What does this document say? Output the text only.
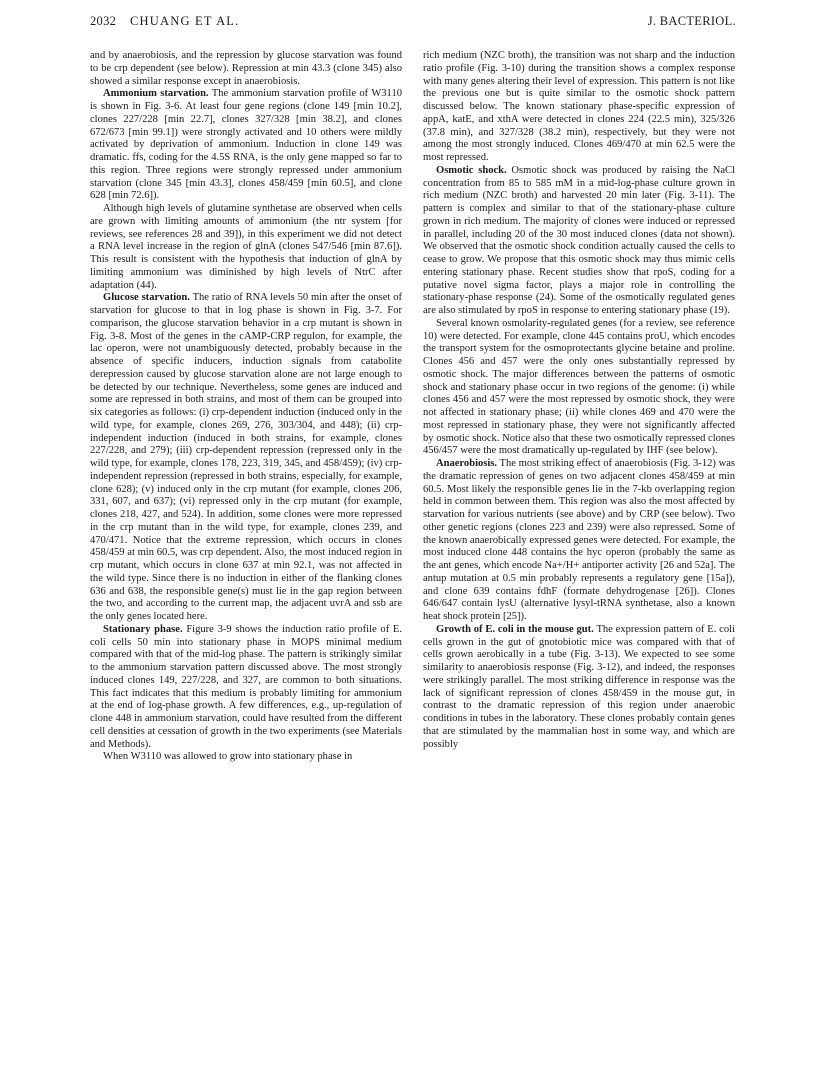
2032 CHUANG ET AL.	J. BACTERIOL.

and by anaerobiosis, and the repression by glucose starvation was found to be crp dependent (see below). Repression at min 43.3 (clone 345) also showed a similar response except in anaerobiosis.

Ammonium starvation. The ammonium starvation profile of W3110 is shown in Fig. 3-6. At least four gene regions (clone 149 [min 10.2], clones 227/228 [min 22.7], clones 327/328 [min 38.2], and clones 672/673 [min 99.1]) were strongly activated and 10 others were mildly activated by deprivation of ammonium. Induction in clone 149 was dramatic. ffs, coding for the 4.5S RNA, is the only gene mapped so far to this region. Three regions were strongly repressed under ammonium starvation (clone 345 [min 43.3], clones 458/459 [min 60.5], and clone 628 [min 72.6]).

Although high levels of glutamine synthetase are observed when cells are grown with limiting amounts of ammonium (the ntr system [for reviews, see references 28 and 39]), in this experiment we did not detect a RNA level increase in the region of glnA (clones 547/546 [min 87.6]). This result is consistent with the hypothesis that induction of glnA by limiting ammonium was diminished by high levels of NtrC after adaptation (44).

Glucose starvation. The ratio of RNA levels 50 min after the onset of starvation for glucose to that in log phase is shown in Fig. 3-7. For comparison, the glucose starvation behavior in a crp mutant is shown in Fig. 3-8. Most of the genes in the cAMP-CRP regulon, for example, the lac operon, were not unambiguously detected, probably because in the absence of specific inducers, induction signals from catabolite derepression caused by glucose starvation alone are not large enough to be detected by our technique. Nevertheless, some genes are induced and some are repressed in both strains, and most of them can be grouped into six categories as follows: (i) crp-dependent induction (induced only in the wild type, for example, clones 269, 276, 303/304, and 448); (ii) crp-independent induction (induced in both strains, for example, clones 227/228, and 279); (iii) crp-dependent repression (repressed only in the wild type, for example, clones 178, 223, 319, 345, and 458/459); (iv) crp-independent repression (repressed in both strains, especially, for example, clone 628); (v) induced only in the crp mutant (for example, clones 206, 331, 607, and 637); (vi) repressed only in the crp mutant (for example, clones 218, 427, and 524). In addition, some clones were more repressed in the crp mutant than in the wild type, for example, clones 239, and 470/471. Notice that the extreme repression, which occurs in clones 458/459 at min 60.5, was crp dependent. Also, the most induced region in crp mutant, which occurs in clone 637 at min 92.1, was not affected in the wild type. Since there is no induction in either of the flanking clones 636 and 638, the responsible gene(s) must lie in the gap region between the two, and according to the current map, the adjacent uvrA and ssb are the only genes located here.

Stationary phase. Figure 3-9 shows the induction ratio profile of E. coli cells 50 min into stationary phase in MOPS minimal medium compared with that of the mid-log phase. The pattern is strikingly similar to the ammonium starvation pattern discussed above. The most strongly induced clones 149, 227/228, and 327, are common to both situations. This fact indicates that this medium is probably limiting for ammonium at the end of log-phase growth. A few differences, e.g., up-regulation of clone 448 in ammonium starvation, could have resulted from the different cell densities at cessation of growth in the two experiments (see Materials and Methods).

When W3110 was allowed to grow into stationary phase in

rich medium (NZC broth), the transition was not sharp and the induction ratio profile (Fig. 3-10) during the transition shows a complex response with many genes altering their level of expression. This pattern is not like the previous one but is quite similar to the osmotic shock pattern discussed below. The known stationary phase-specific expression of appA, katE, and xthA were detected in clones 224 (22.5 min), 325/326 (37.8 min), and 327/328 (38.2 min), respectively, but they were not among the most strongly induced. Clones 469/470 at min 62.5 were the most repressed.

Osmotic shock. Osmotic shock was produced by raising the NaCl concentration from 85 to 585 mM in a mid-log-phase culture grown in rich medium (NZC broth) and harvested 20 min later (Fig. 3-11). The pattern is complex and similar to that of the stationary-phase culture grown in rich medium. The majority of clones were induced or repressed in parallel, including 20 of the 30 most induced clones (data not shown). We observed that the osmotic shock condition actually caused the cells to cease to grow. We propose that this osmotic shock may thus mimic cells entering stationary phase. Recent studies show that rpoS, coding for a putative novel sigma factor, plays a major role in controlling the stationary-phase response (24). Some of the osmotically regulated genes are also stimulated by rpoS in response to entering stationary phase (19).

Several known osmolarity-regulated genes (for a review, see reference 10) were detected. For example, clone 445 contains proU, which encodes the transport system for the osmoprotectants glycine betaine and proline. Clones 456 and 457 were the only ones substantially repressed by osmotic shock. The major differences between the patterns of osmotic shock and stationary phase occur in two regions of the genome: (i) while clones 456 and 457 were the most repressed by osmotic shock, they were not affected in stationary phase; (ii) while clones 469 and 470 were the most repressed in stationary phase, they were not significantly affected by osmotic shock. Notice also that these two osmotically repressed clones 456/457 were the most dramatically up-regulated by IHF (see below).

Anaerobiosis. The most striking effect of anaerobiosis (Fig. 3-12) was the dramatic repression of genes on two adjacent clones 458/459 at min 60.5. Most likely the responsible genes lie in the 7-kb overlapping region held in common between them. This region was also the most affected by starvation for various nutrients (see above) and by CRP (see below). Two other genetic regions (clones 223 and 239) were also repressed. Some of the known anaerobically expressed genes were detected. For example, the most induced clone 448 contains the hyc operon (probably the same as the ant genes, which encode Na+/H+ antiporter activity [26 and 52a]. The antup mutation at 0.5 min probably represents a regulatory gene [15a]), and clone 639 contains fdhF (formate dehydrogenase [26]). Clones 646/647 contain lysU (alternative lysyl-tRNA synthetase, also a known heat shock protein [25]).

Growth of E. coli in the mouse gut. The expression pattern of E. coli cells grown in the gut of gnotobiotic mice was compared with that of cells grown aerobically in a tube (Fig. 3-13). We expected to see some similarity to anaerobiosis response (Fig. 3-12), and indeed, the responses were strikingly parallel. The most striking difference in response was the lack of significant repression of clones 458/459 in the mouse gut, in contrast to the dramatic repression of this region under anaerobic conditions in tubes in the laboratory. These clones probably contain genes that are stimulated by the mammalian host in some way, and which are possibly
